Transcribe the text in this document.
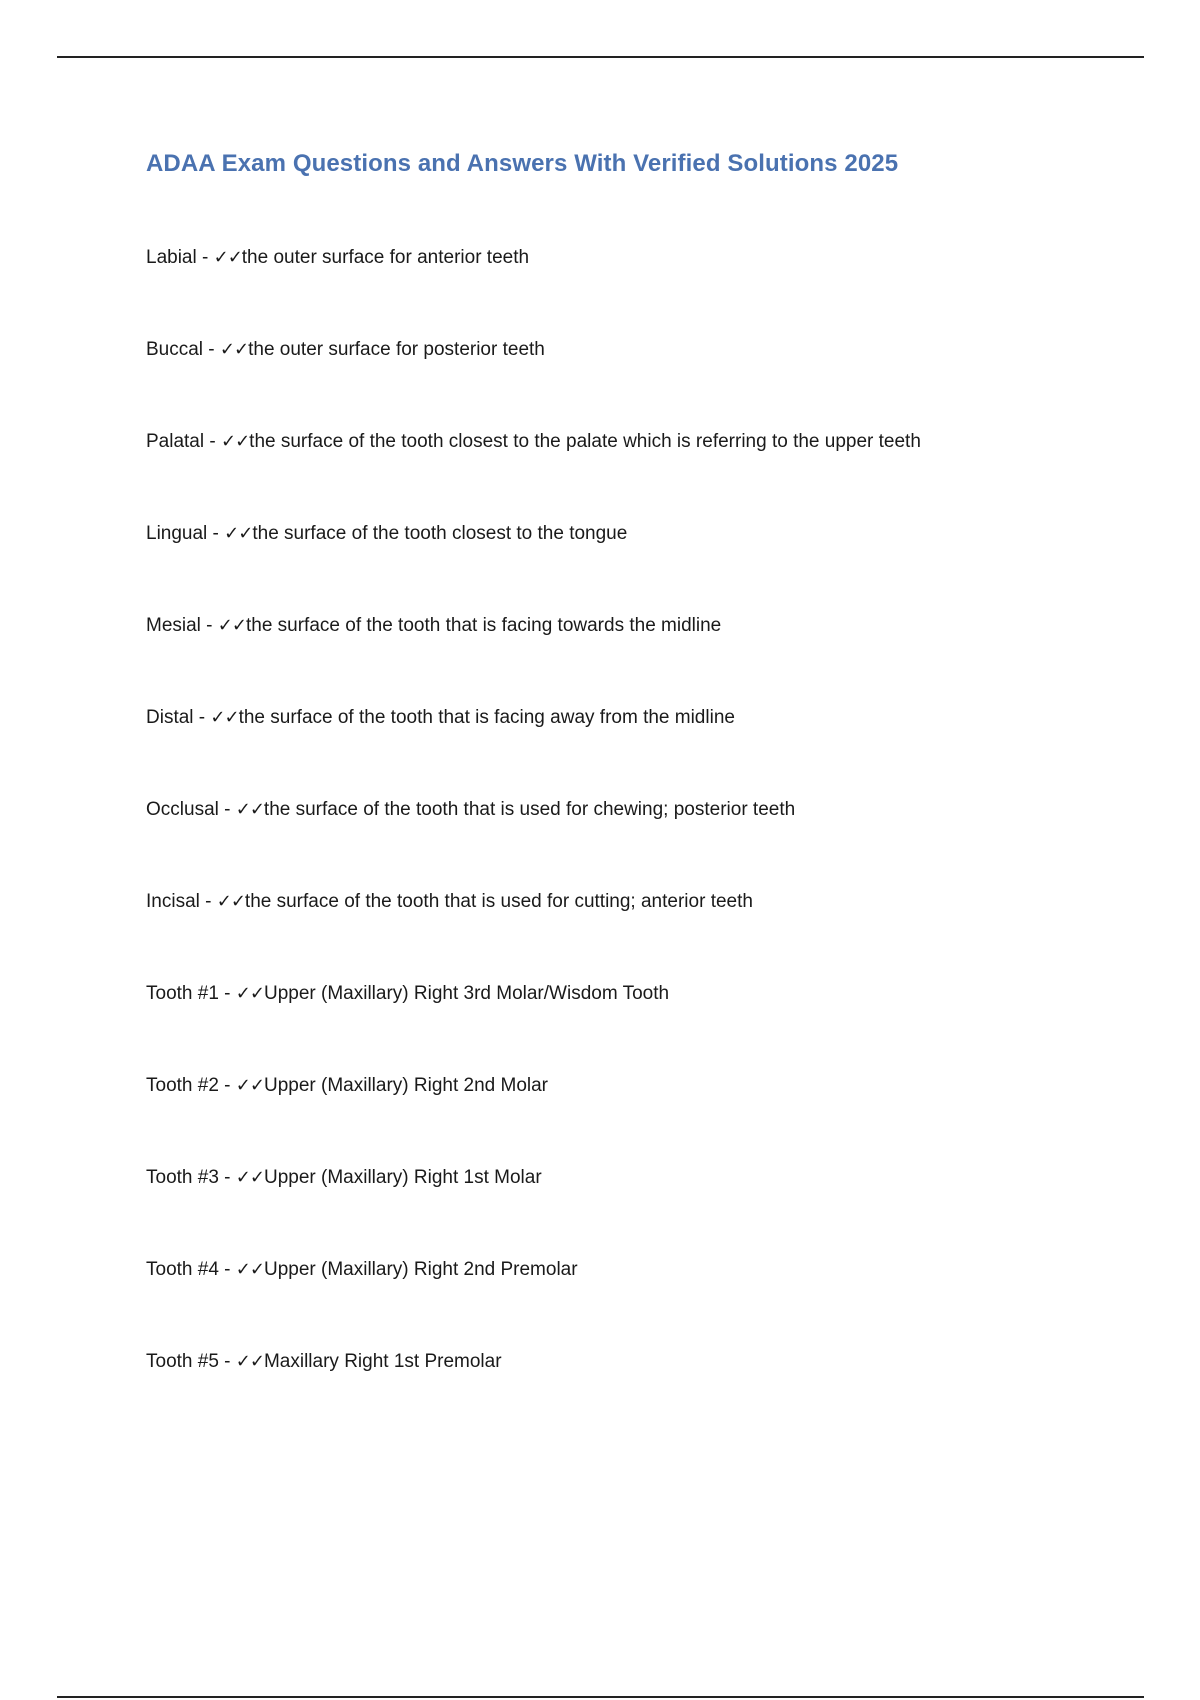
ADAA Exam Questions and Answers With Verified Solutions 2025
Labial - ✓✓the outer surface for anterior teeth
Buccal - ✓✓the outer surface for posterior teeth
Palatal - ✓✓the surface of the tooth closest to the palate which is referring to the upper teeth
Lingual - ✓✓the surface of the tooth closest to the tongue
Mesial - ✓✓the surface of the tooth that is facing towards the midline
Distal - ✓✓the surface of the tooth that is facing away from the midline
Occlusal - ✓✓the surface of the tooth that is used for chewing; posterior teeth
Incisal - ✓✓the surface of the tooth that is used for cutting; anterior teeth
Tooth #1 - ✓✓Upper (Maxillary) Right 3rd Molar/Wisdom Tooth
Tooth #2 - ✓✓Upper (Maxillary) Right 2nd Molar
Tooth #3 - ✓✓Upper (Maxillary) Right 1st Molar
Tooth #4 - ✓✓Upper (Maxillary) Right 2nd Premolar
Tooth #5 - ✓✓Maxillary Right 1st Premolar
